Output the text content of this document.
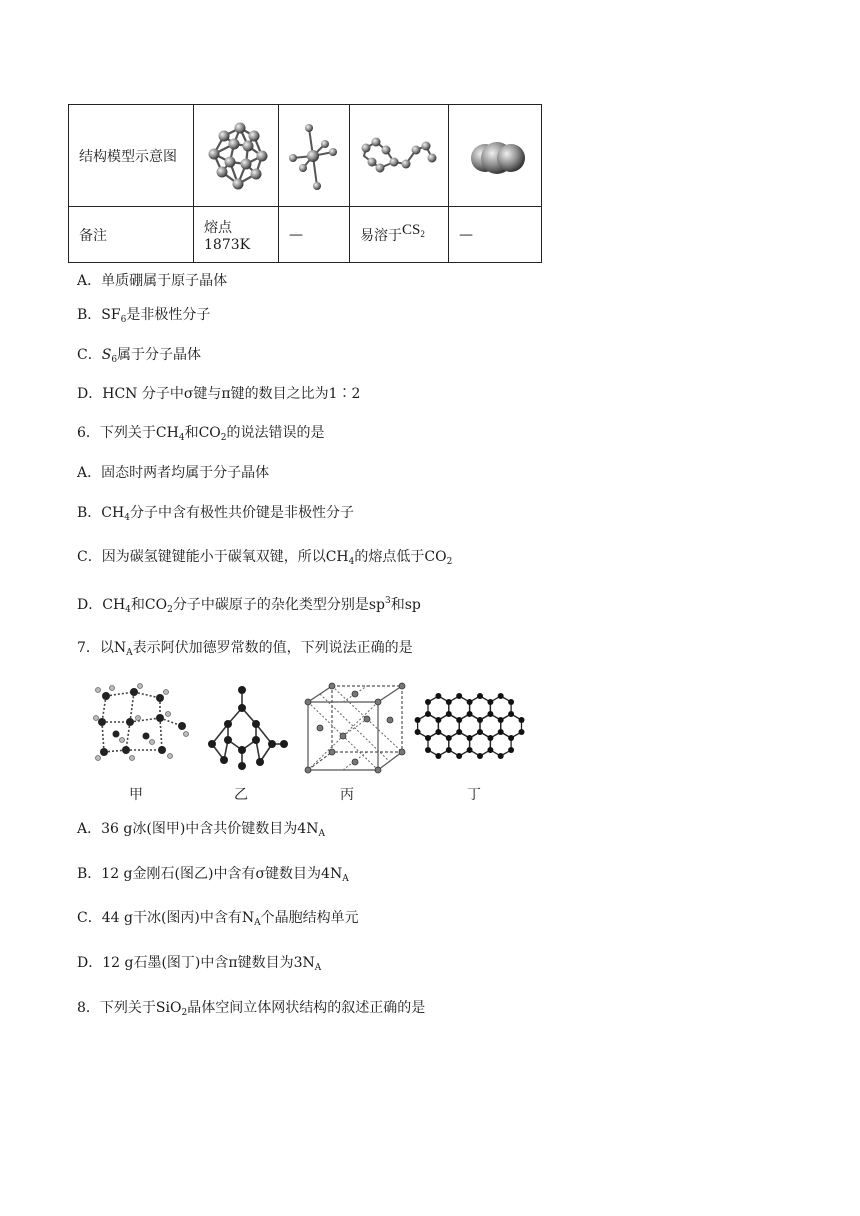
结构模型示意图	

备注	熔点 1873K	—	易溶于$CS_2$	—
A．单质硼属于原子晶体
B．$SF_6$是非极性分子
C．$S_6$属于分子晶体
D．HCN 分子中σ键与π键的数目之比为1∶2
6．下列关于$CH_4$和$CO_2$的说法错误的是
A．固态时两者均属于分子晶体
B．$CH_4$分子中含有极性共价键是非极性分子
C．因为碳氢键键能小于碳氧双键，所以$CH_4$的熔点低于$CO_2$
D．$CH_4$和$CO_2$分子中碳原子的杂化类型分别是$sp^3$和sp
7．以$N_A$表示阿伏加德罗常数的值，下列说法正确的是
甲	乙	丙	丁
A．36 g冰(图甲)中含共价键数目为$4N_A$
B．12 g金刚石(图乙)中含有σ键数目为$4N_A$
C．44 g干冰(图丙)中含有$N_A$个晶胞结构单元
D．12 g石墨(图丁)中含π键数目为$3N_A$
8．下列关于SiO$_2$晶体空间立体网状结构的叙述正确的是
